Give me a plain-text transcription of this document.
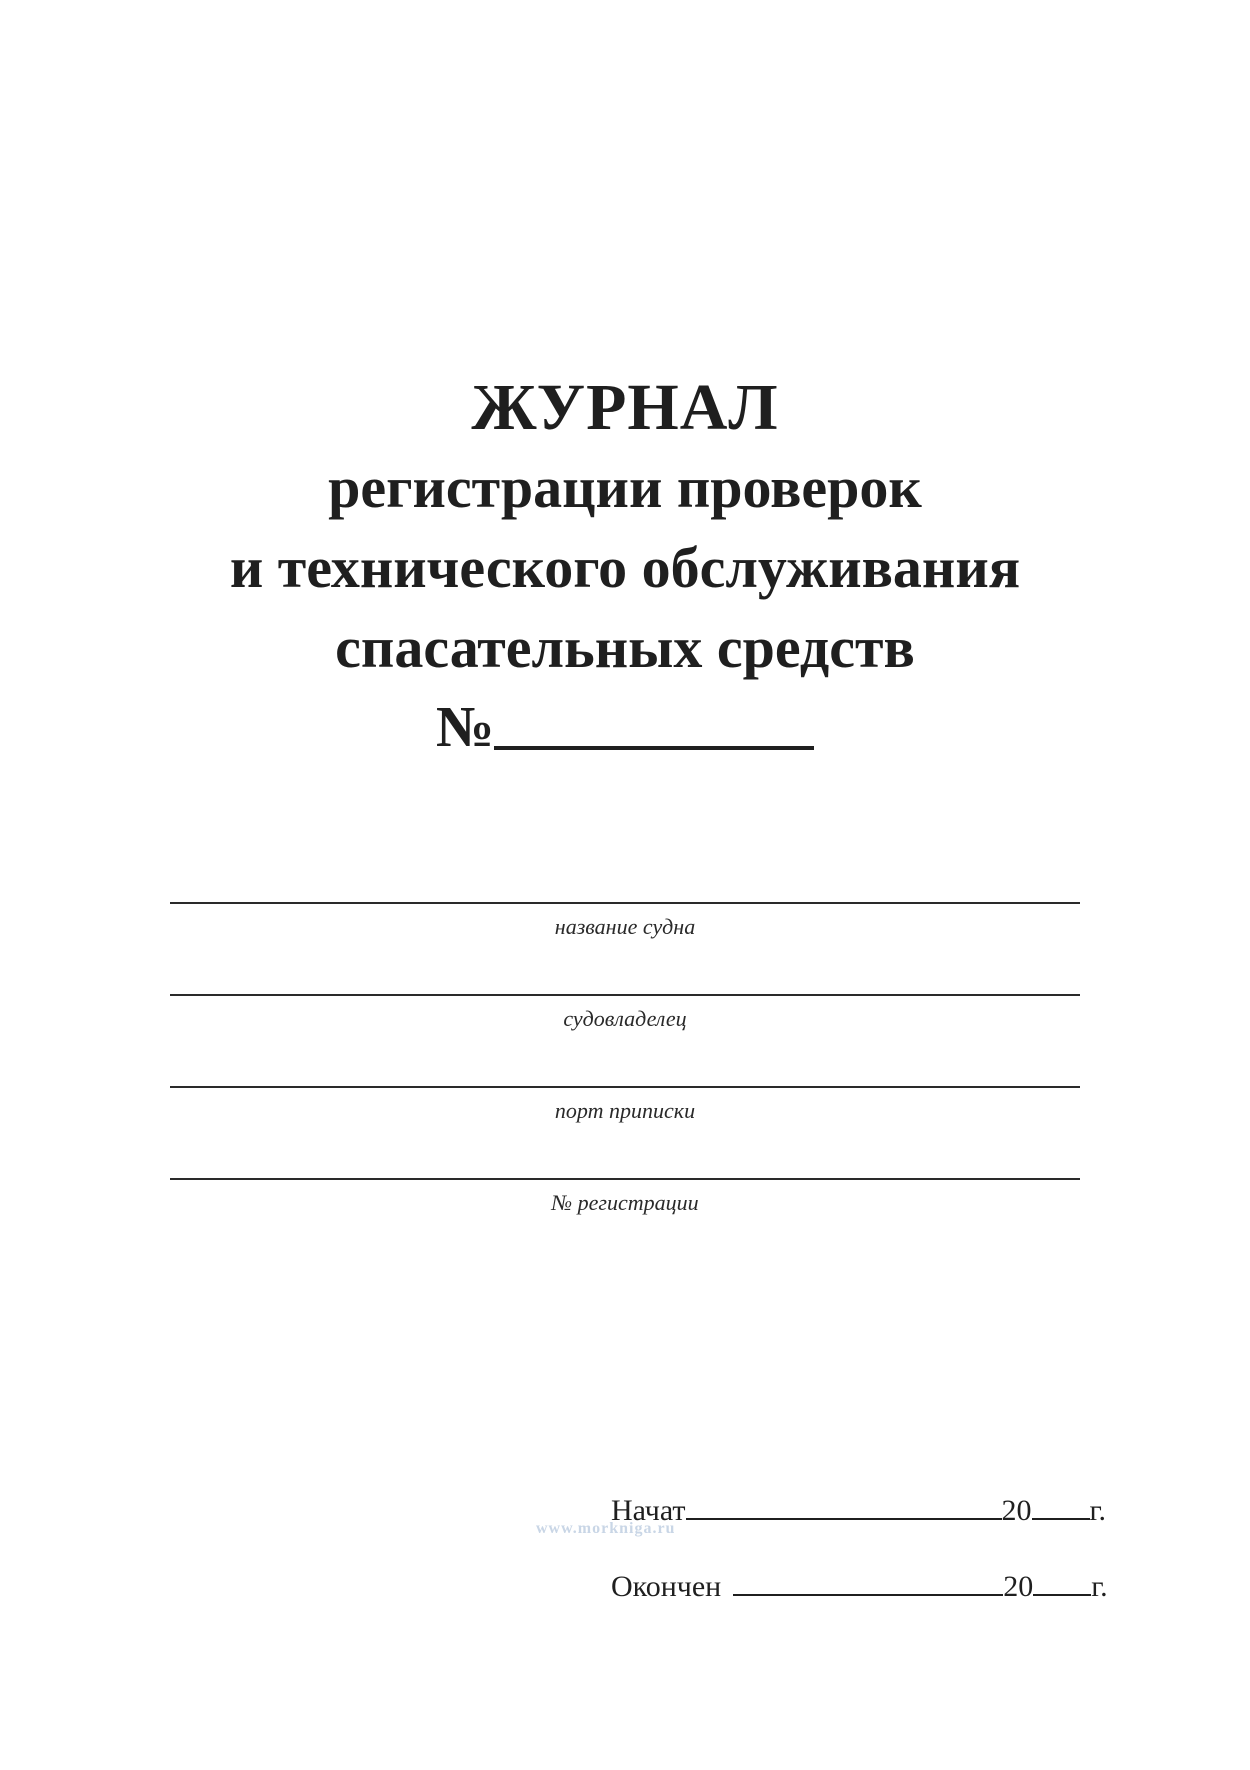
ЖУРНАЛ
регистрации проверок
и технического обслуживания
спасательных средств
№
название судна
судовладелец
порт приписки
№ регистрации
Начат	20 г.
www.morkniga.ru
Окончен	20 г.
